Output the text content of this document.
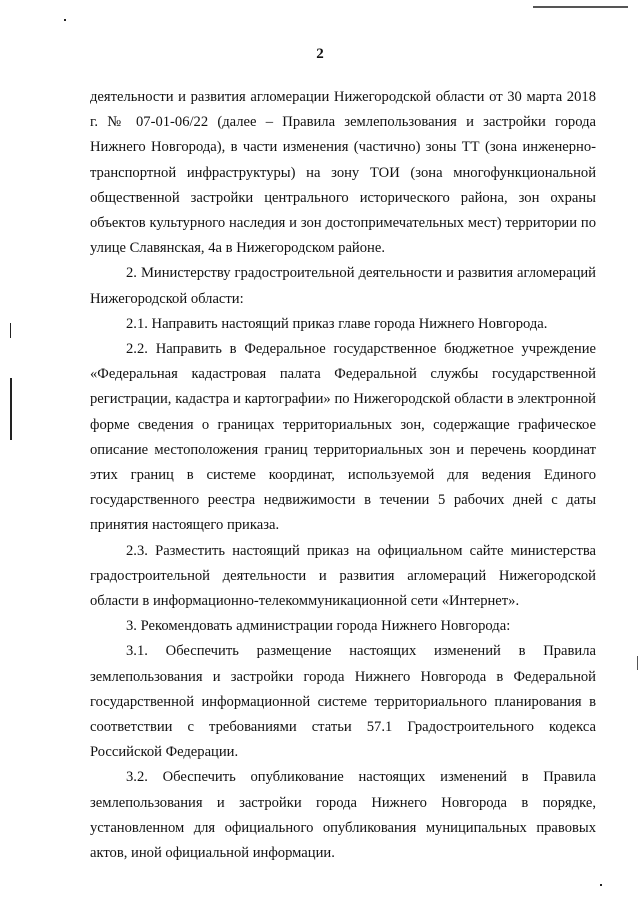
2

деятельности и развития агломерации Нижегородской области от 30 марта 2018 г. № 07-01-06/22 (далее – Правила землепользования и застройки города Нижнего Новгорода), в части изменения (частично) зоны ТТ (зона инженерно-транспортной инфраструктуры) на зону ТОИ (зона многофункциональной общественной застройки центрального исторического района, зон охраны объектов культурного наследия и зон достопримечательных мест) территории по улице Славянская, 4а в Нижегородском районе.

2. Министерству градостроительной деятельности и развития агломераций Нижегородской области:

2.1. Направить настоящий приказ главе города Нижнего Новгорода.

2.2. Направить в Федеральное государственное бюджетное учреждение «Федеральная кадастровая палата Федеральной службы государственной регистрации, кадастра и картографии» по Нижегородской области в электронной форме сведения о границах территориальных зон, содержащие графическое описание местоположения границ территориальных зон и перечень координат этих границ в системе координат, используемой для ведения Единого государственного реестра недвижимости в течении 5 рабочих дней с даты принятия настоящего приказа.

2.3. Разместить настоящий приказ на официальном сайте министерства градостроительной деятельности и развития агломераций Нижегородской области в информационно-телекоммуникационной сети «Интернет».

3. Рекомендовать администрации города Нижнего Новгорода:

3.1. Обеспечить размещение настоящих изменений в Правила землепользования и застройки города Нижнего Новгорода в Федеральной государственной информационной системе территориального планирования в соответствии с требованиями статьи 57.1 Градостроительного кодекса Российской Федерации.

3.2. Обеспечить опубликование настоящих изменений в Правила землепользования и застройки города Нижнего Новгорода в порядке, установленном для официального опубликования муниципальных правовых актов, иной официальной информации.
